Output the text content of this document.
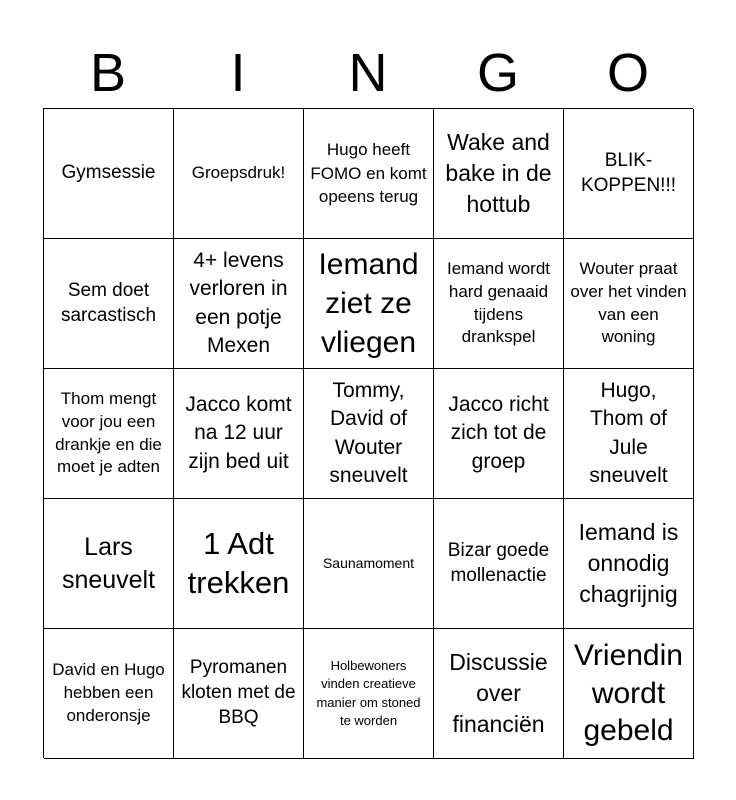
B	I	N	G	O
Gymsessie Groepsdruk!
Hugo heeft FOMO en komt opeens terug
Wake and bake in de hottub
BLIK-KOPPEN!!!
Sem doet sarcastisch
4+ levens verloren in een potje Mexen
Iemand ziet ze vliegen
Iemand wordt hard genaaid tijdens drankspel
Wouter praat over het vinden van een woning
Thom mengt voor jou een drankje en die moet je adten
Jacco komt na 12 uur zijn bed uit
Tommy, David of Wouter sneuvelt
Jacco richt zich tot de groep
Hugo, Thom of Jule sneuvelt
Lars sneuvelt
1 Adt trekken
Saunamoment
Bizar goede mollenactie
Iemand is onnodig chagrijnig
David en Hugo hebben een onderonsje
Pyromanen kloten met de BBQ
Holbewoners vinden creatieve manier om stoned te worden
Discussie over financiën
Vriendin wordt gebeld
